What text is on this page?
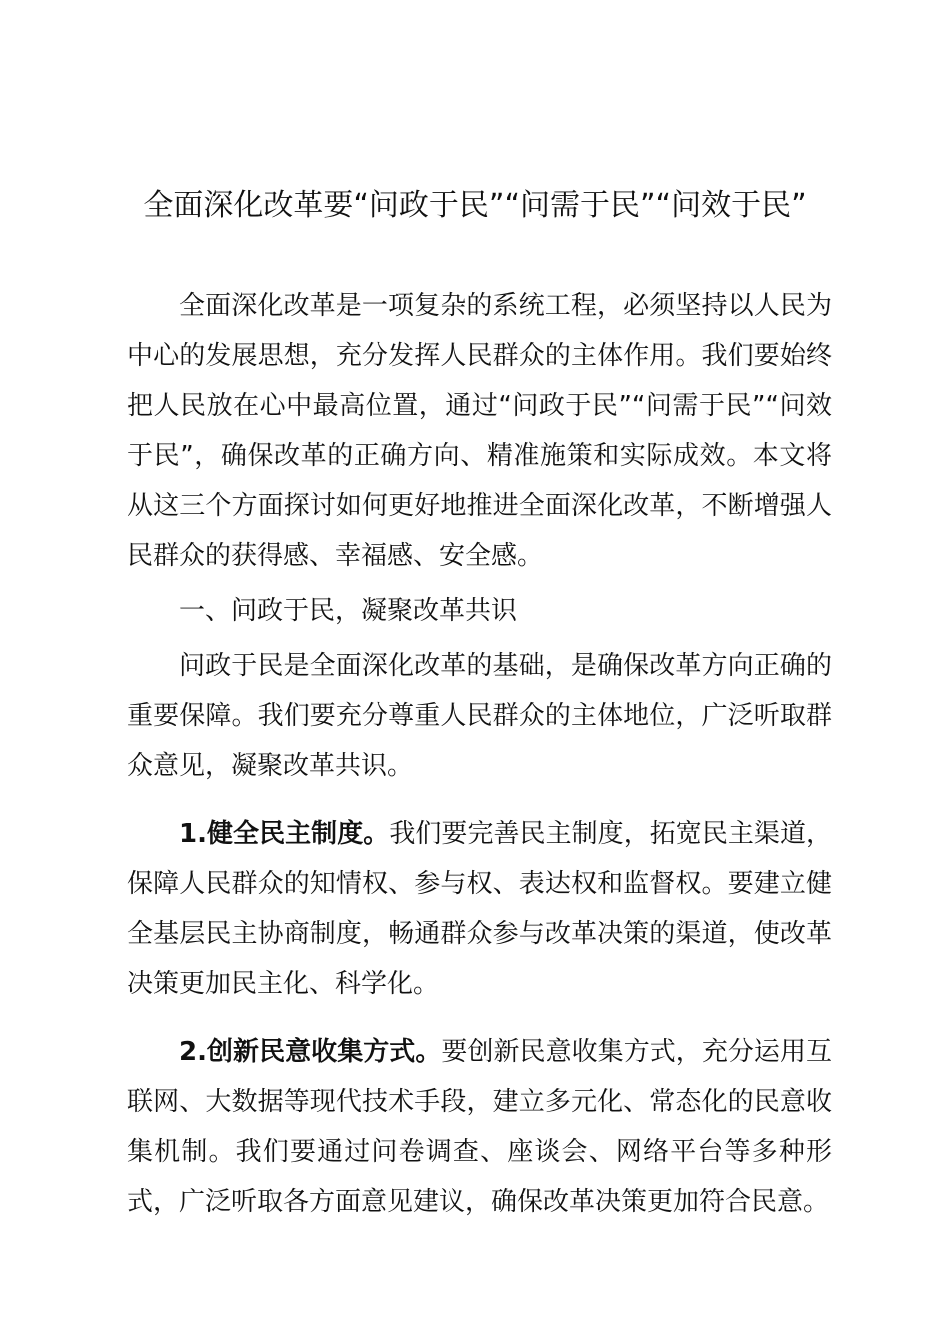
全面深化改革要“问政于民”“问需于民”“问效于民”

全面深化改革是一项复杂的系统工程，必须坚持以人民为中心的发展思想，充分发挥人民群众的主体作用。我们要始终把人民放在心中最高位置，通过“问政于民”“问需于民”“问效于民”，确保改革的正确方向、精准施策和实际成效。本文将从这三个方面探讨如何更好地推进全面深化改革，不断增强人民群众的获得感、幸福感、安全感。

一、问政于民，凝聚改革共识

问政于民是全面深化改革的基础，是确保改革方向正确的重要保障。我们要充分尊重人民群众的主体地位，广泛听取群众意见，凝聚改革共识。

1.健全民主制度。我们要完善民主制度，拓宽民主渠道，保障人民群众的知情权、参与权、表达权和监督权。要建立健全基层民主协商制度，畅通群众参与改革决策的渠道，使改革决策更加民主化、科学化。

2.创新民意收集方式。要创新民意收集方式，充分运用互联网、大数据等现代技术手段，建立多元化、常态化的民意收集机制。我们要通过问卷调查、座谈会、网络平台等多种形式，广泛听取各方面意见建议，确保改革决策更加符合民意。
